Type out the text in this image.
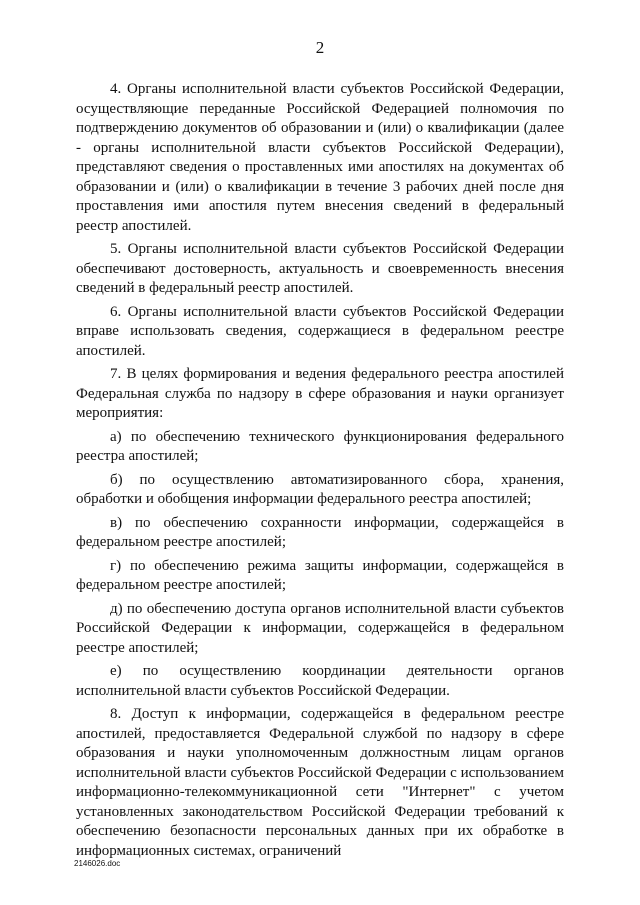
2

4. Органы исполнительной власти субъектов Российской Федерации, осуществляющие переданные Российской Федерацией полномочия по подтверждению документов об образовании и (или) о квалификации (далее - органы исполнительной власти субъектов Российской Федерации), представляют сведения о проставленных ими апостилях на документах об образовании и (или) о квалификации в течение 3 рабочих дней после дня проставления ими апостиля путем внесения сведений в федеральный реестр апостилей.

5. Органы исполнительной власти субъектов Российской Федерации обеспечивают достоверность, актуальность и своевременность внесения сведений в федеральный реестр апостилей.

6. Органы исполнительной власти субъектов Российской Федерации вправе использовать сведения, содержащиеся в федеральном реестре апостилей.

7. В целях формирования и ведения федерального реестра апостилей Федеральная служба по надзору в сфере образования и науки организует мероприятия:

а) по обеспечению технического функционирования федерального реестра апостилей;

б) по осуществлению автоматизированного сбора, хранения, обработки и обобщения информации федерального реестра апостилей;

в) по обеспечению сохранности информации, содержащейся в федеральном реестре апостилей;

г) по обеспечению режима защиты информации, содержащейся в федеральном реестре апостилей;

д) по обеспечению доступа органов исполнительной власти субъектов Российской Федерации к информации, содержащейся в федеральном реестре апостилей;

е) по осуществлению координации деятельности органов исполнительной власти субъектов Российской Федерации.

8. Доступ к информации, содержащейся в федеральном реестре апостилей, предоставляется Федеральной службой по надзору в сфере образования и науки уполномоченным должностным лицам органов исполнительной власти субъектов Российской Федерации с использованием информационно-телекоммуникационной сети "Интернет" с учетом установленных законодательством Российской Федерации требований к обеспечению безопасности персональных данных при их обработке в информационных системах, ограничений

2146026.doc
